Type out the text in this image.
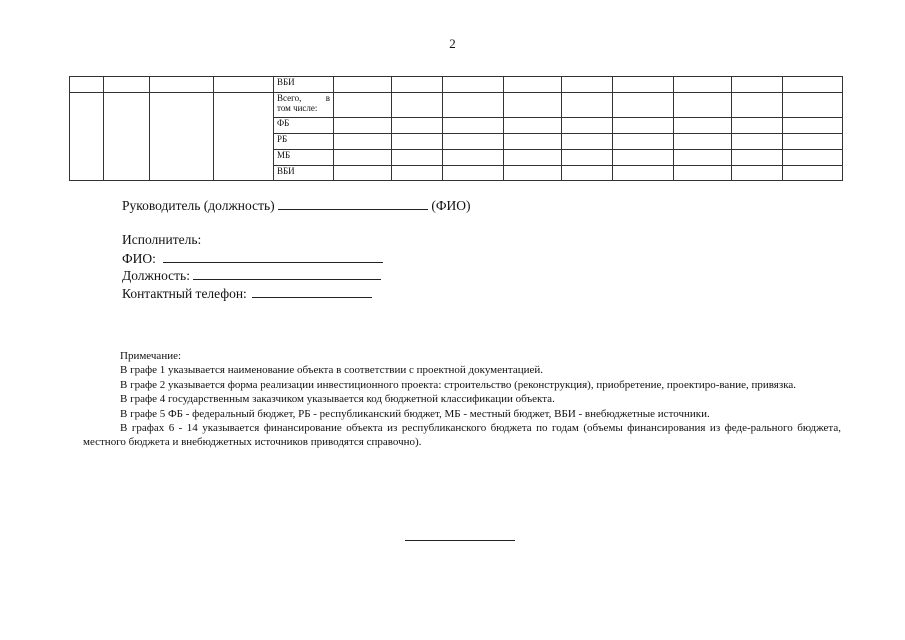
2
				ВБИ									

				Всего, в
том числе:									
				ФБ									
				РБ									
				МБ									
				ВБИ									
Руководитель (должность)	(ФИО)
Исполнитель:
ФИО:
Должность:
Контактный телефон:

Примечание:

В графе 1 указывается наименование объекта в соответствии с проектной документацией.

В графе 2 указывается форма реализации инвестиционного проекта: строительство (реконструкция), приобретение, проектиро-вание, привязка.

В графе 4 государственным заказчиком указывается код бюджетной классификации объекта.

В графе 5 ФБ - федеральный бюджет, РБ - республиканский бюджет, МБ - местный бюджет, ВБИ - внебюджетные источники.

В графах 6 - 14 указывается финансирование объекта из республиканского бюджета по годам (объемы финансирования из феде-рального бюджета, местного бюджета и внебюджетных источников приводятся справочно).
